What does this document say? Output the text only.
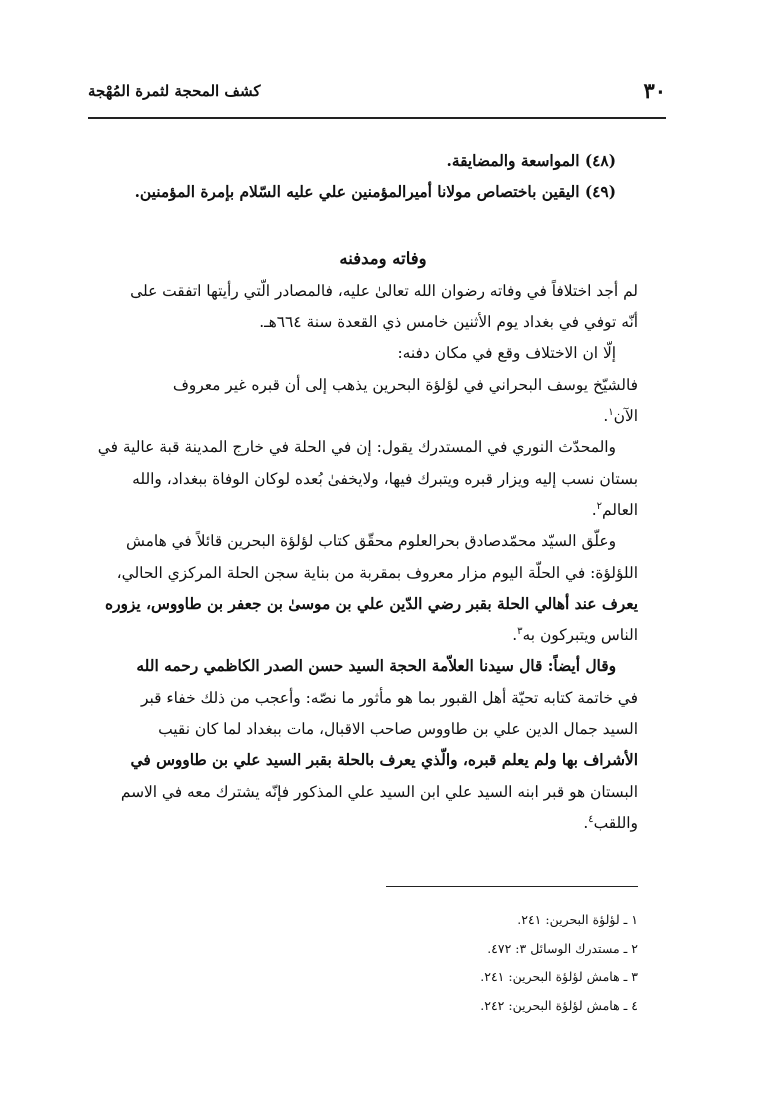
٣٠
كشف المحجة لثمرة المُهْجة
(٤٨) المواسعة والمضايقة.
(٤٩) اليقين باختصاص مولانا أميرالمؤمنين علي عليه السّلام بإمرة المؤمنين.
وفاته ومدفنه
لم أجد اختلافاً في وفاته رضوان الله تعالىٰ عليه، فالمصادر الّتي رأيتها اتفقت على
أنّه توفي في بغداد يوم الأثنين خامس ذي القعدة سنة ٦٦٤هـ.
إلّا ان الاختلاف وقع في مكان دفنه:
فالشيّخ يوسف البحراني في لؤلؤة البحرين يذهب إلى أن قبره غير معروف
الآن$^١$.
والمحدّث النوري في المستدرك يقول: إن في الحلة في خارج المدينة قبة عالية في
بستان نسب إليه ويزار قبره ويتبرك فيها، ولايخفىٰ بُعده لوكان الوفاة ببغداد، والله
العالم$^٢$.
وعلّق السيّد محمّدصادق بحرالعلوم محقّق كتاب لؤلؤة البحرين قائلاً في هامش
اللؤلؤة: في الحلّة اليوم مزار معروف بمقربة من بناية سجن الحلة المركزي الحالي،
يعرف عند أهالي الحلة بقبر رضي الدّين علي بن موسىٰ بن جعفر بن طاووس، يزوره
الناس ويتبركون به$^٣$.
وقال أيضاً: قال سيدنا العلاّمة الحجة السيد حسن الصدر الكاظمي رحمه الله
في خاتمة كتابه تحيّة أهل القبور بما هو مأثور ما نصّه: وأعجب من ذلك خفاء قبر
السيد جمال الدين علي بن طاووس صاحب الاقبال، مات ببغداد لما كان نقيب
الأشراف بها ولم يعلم قبره، والّذي يعرف بالحلة بقبر السيد علي بن طاووس في
البستان هو قبر ابنه السيد علي ابن السيد علي المذكور فإنّه يشترك معه في الاسم
واللقب$^٤$.
١ ـ لؤلؤة البحرين: ٢٤١.
٢ ـ مستدرك الوسائل ٣: ٤٧٢.
٣ ـ هامش لؤلؤة البحرين: ٢٤١.
٤ ـ هامش لؤلؤة البحرين: ٢٤٢.
